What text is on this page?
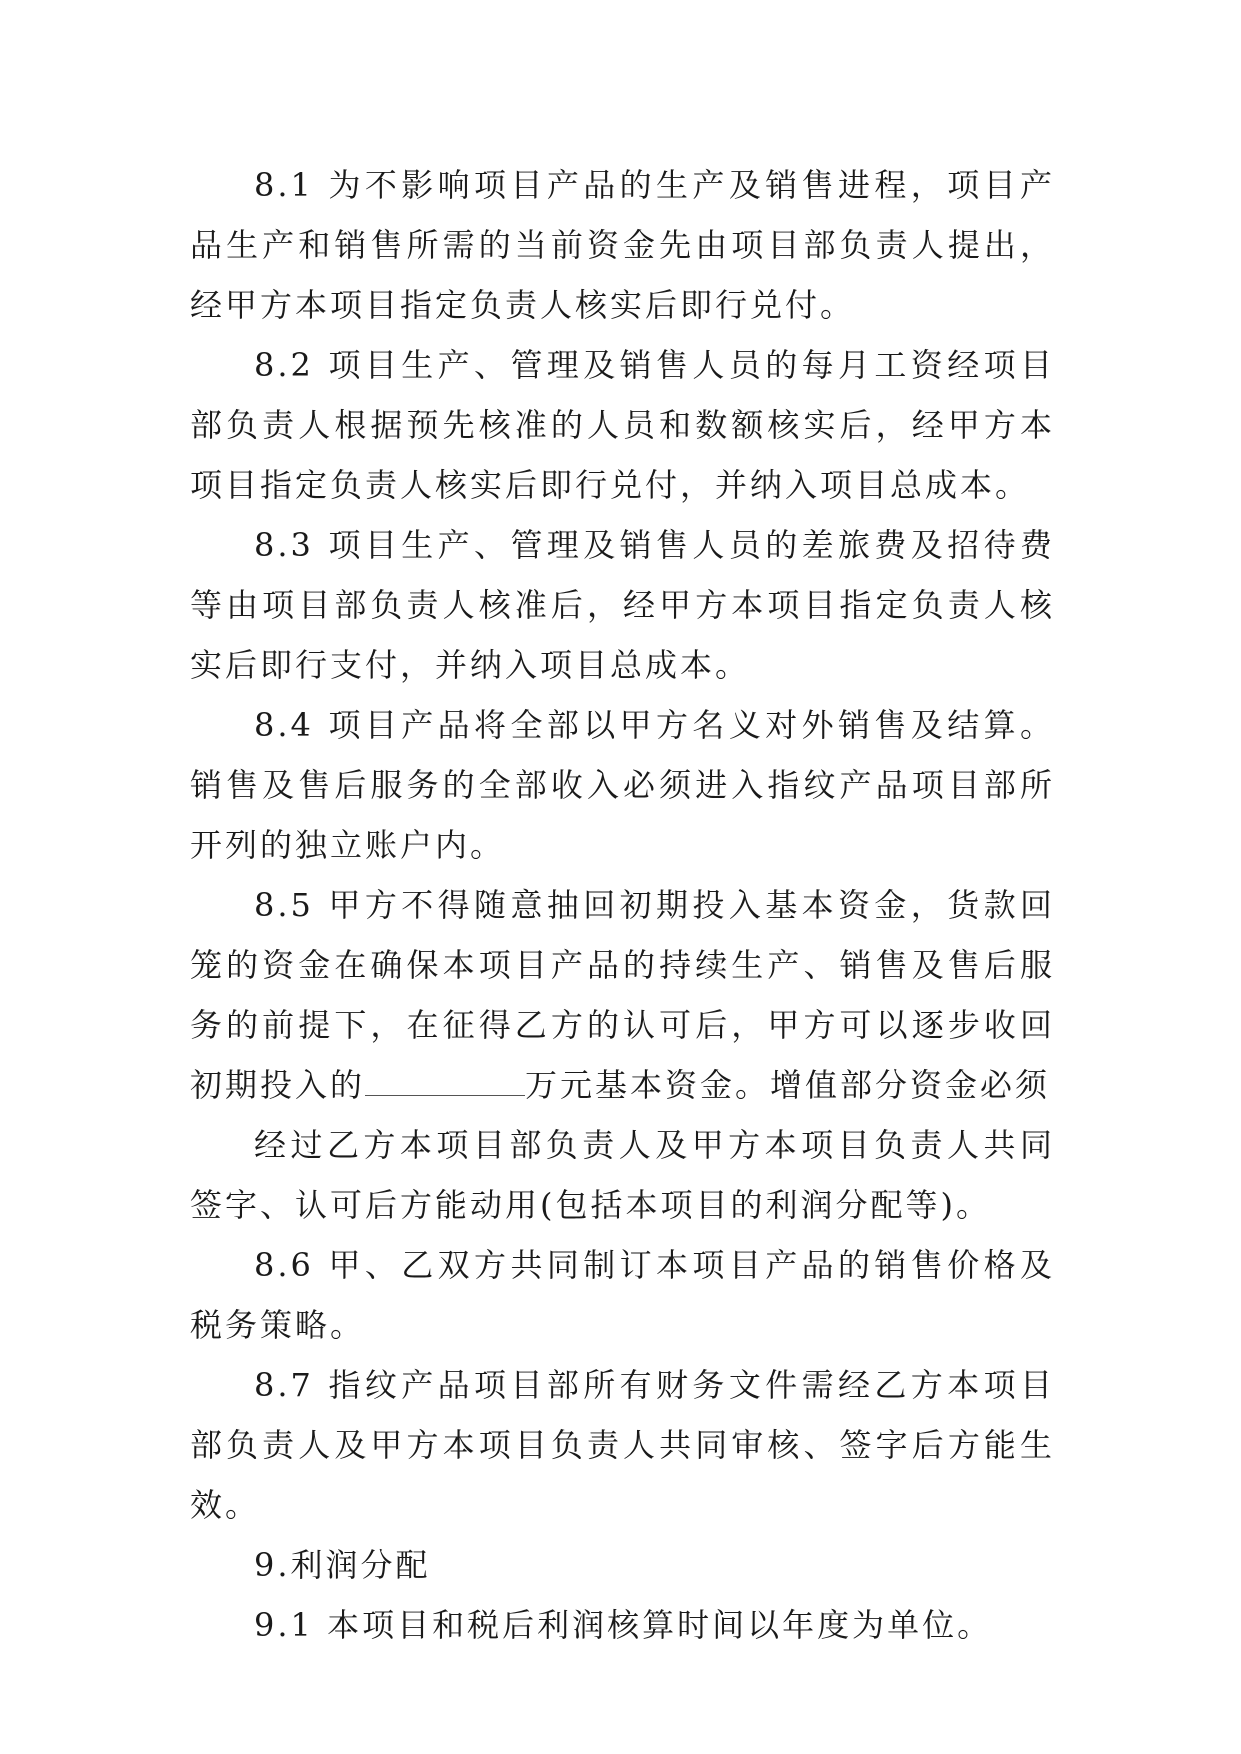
8.1 为不影响项目产品的生产及销售进程，项目产品生产和销售所需的当前资金先由项目部负责人提出，经甲方本项目指定负责人核实后即行兑付。

8.2 项目生产、管理及销售人员的每月工资经项目部负责人根据预先核准的人员和数额核实后，经甲方本项目指定负责人核实后即行兑付，并纳入项目总成本。

8.3 项目生产、管理及销售人员的差旅费及招待费等由项目部负责人核准后，经甲方本项目指定负责人核实后即行支付，并纳入项目总成本。

8.4 项目产品将全部以甲方名义对外销售及结算。销售及售后服务的全部收入必须进入指纹产品项目部所开列的独立账户内。

8.5 甲方不得随意抽回初期投入基本资金，货款回笼的资金在确保本项目产品的持续生产、销售及售后服务的前提下，在征得乙方的认可后，甲方可以逐步收回初期投入的	万元基本资金。增值部分资金必须

经过乙方本项目部负责人及甲方本项目负责人共同签字、认可后方能动用(包括本项目的利润分配等)。

8.6 甲、乙双方共同制订本项目产品的销售价格及税务策略。

8.7 指纹产品项目部所有财务文件需经乙方本项目部负责人及甲方本项目负责人共同审核、签字后方能生效。

9.利润分配

9.1 本项目和税后利润核算时间以年度为单位。
